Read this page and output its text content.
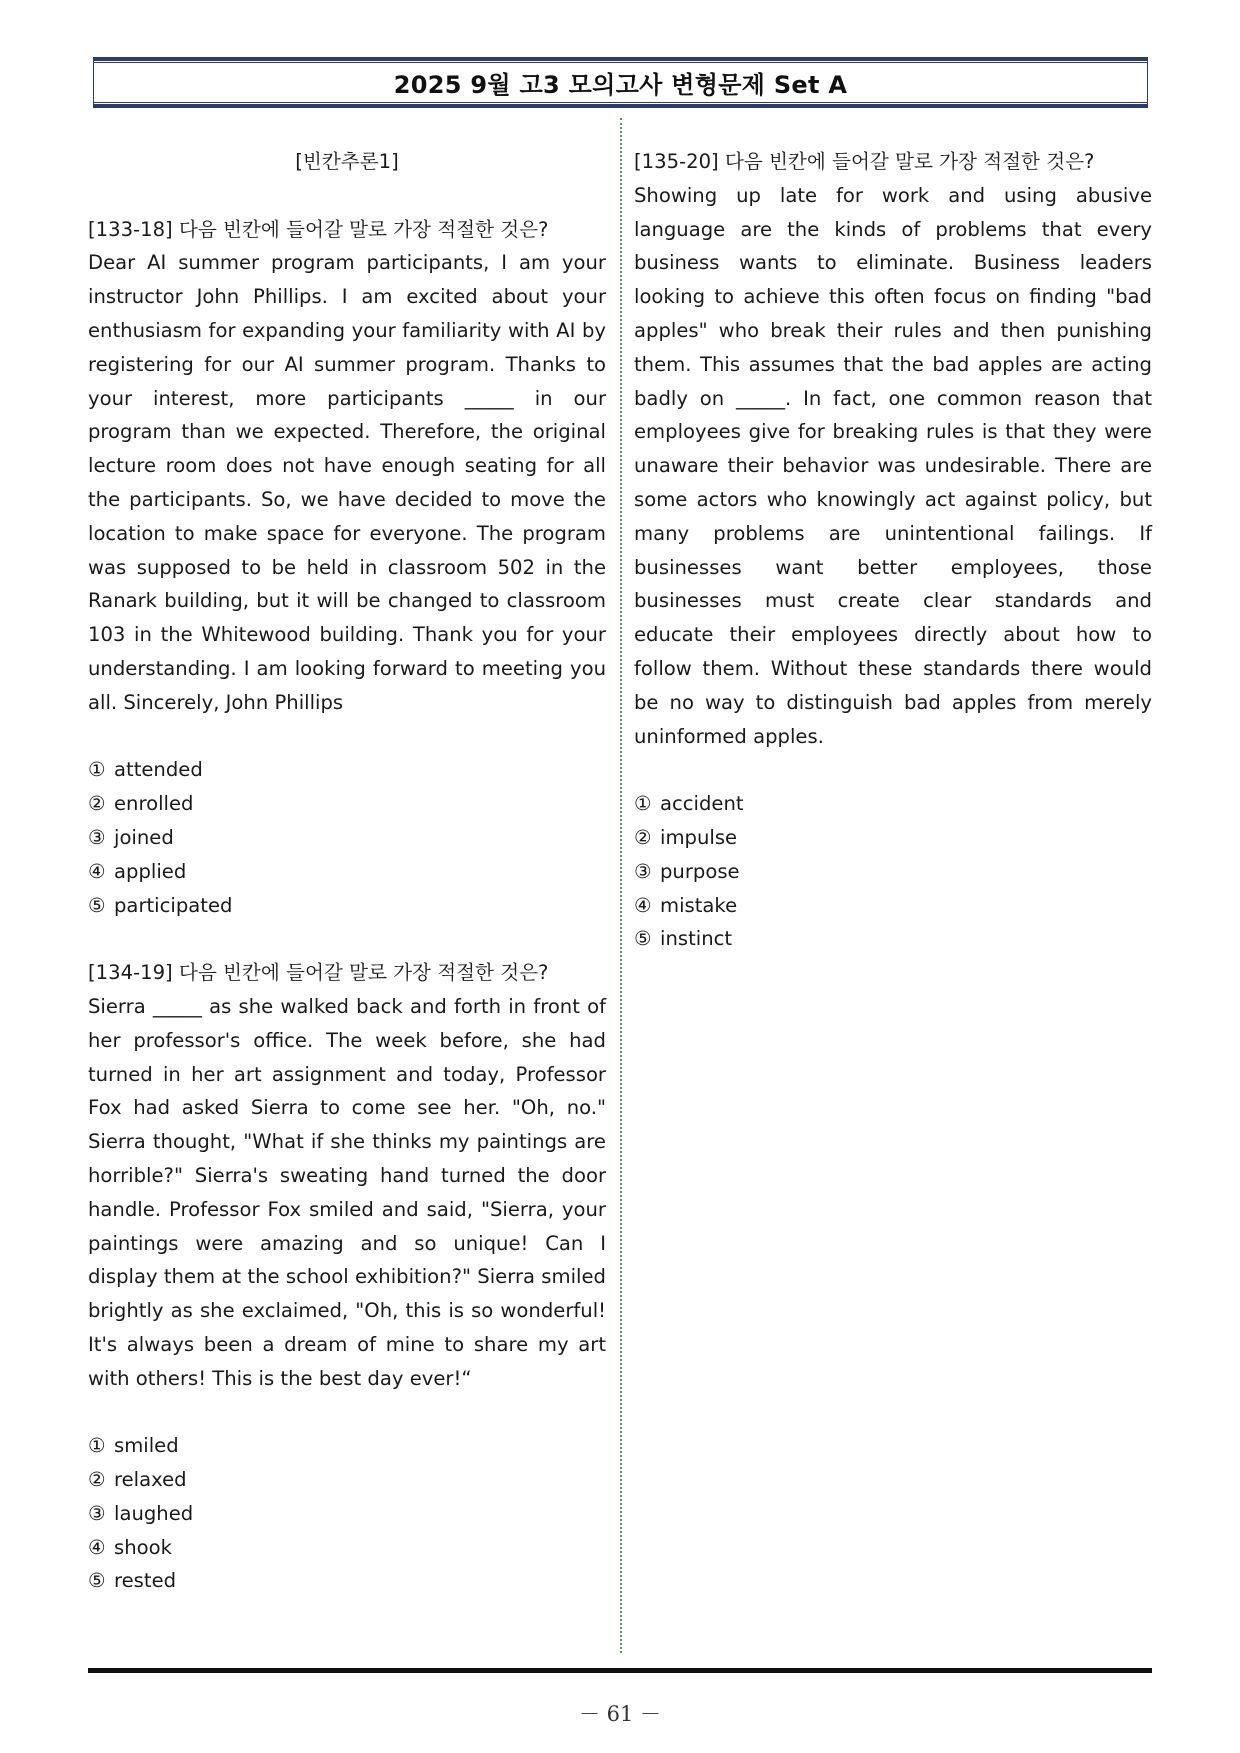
2025 9월 고3 모의고사 변형문제 Set A
[빈칸추론1]

[133-18] 다음 빈칸에 들어갈 말로 가장 적절한 것은?

Dear AI summer program participants, I am your instructor John Phillips. I am excited about your enthusiasm for expanding your familiarity with AI by registering for our AI summer program. Thanks to your interest, more participants _____ in our program than we expected. Therefore, the original lecture room does not have enough seating for all the participants. So, we have decided to move the location to make space for everyone. The program was supposed to be held in classroom 502 in the Ranark building, but it will be changed to classroom 103 in the Whitewood building. Thank you for your understanding. I am looking forward to meeting you all. Sincerely, John Phillips

① attended

② enrolled

③ joined

④ applied

⑤ participated

[134-19] 다음 빈칸에 들어갈 말로 가장 적절한 것은?

Sierra _____ as she walked back and forth in front of her professor's office. The week before, she had turned in her art assignment and today, Professor Fox had asked Sierra to come see her. "Oh, no." Sierra thought, "What if she thinks my paintings are horrible?" Sierra's sweating hand turned the door handle. Professor Fox smiled and said, "Sierra, your paintings were amazing and so unique! Can I display them at the school exhibition?" Sierra smiled brightly as she exclaimed, "Oh, this is so wonderful! It's always been a dream of mine to share my art with others! This is the best day ever!“

① smiled

② relaxed

③ laughed

④ shook

⑤ rested

[135-20] 다음 빈칸에 들어갈 말로 가장 적절한 것은?

Showing up late for work and using abusive language are the kinds of problems that every business wants to eliminate. Business leaders looking to achieve this often focus on finding "bad apples" who break their rules and then punishing them. This assumes that the bad apples are acting badly on _____. In fact, one common reason that employees give for breaking rules is that they were unaware their behavior was undesirable. There are some actors who knowingly act against policy, but many problems are unintentional failings. If businesses want better employees, those businesses must create clear standards and educate their employees directly about how to follow them. Without these standards there would be no way to distinguish bad apples from merely uninformed apples.

① accident

② impulse

③ purpose

④ mistake

⑤ instinct

－ 61 －
